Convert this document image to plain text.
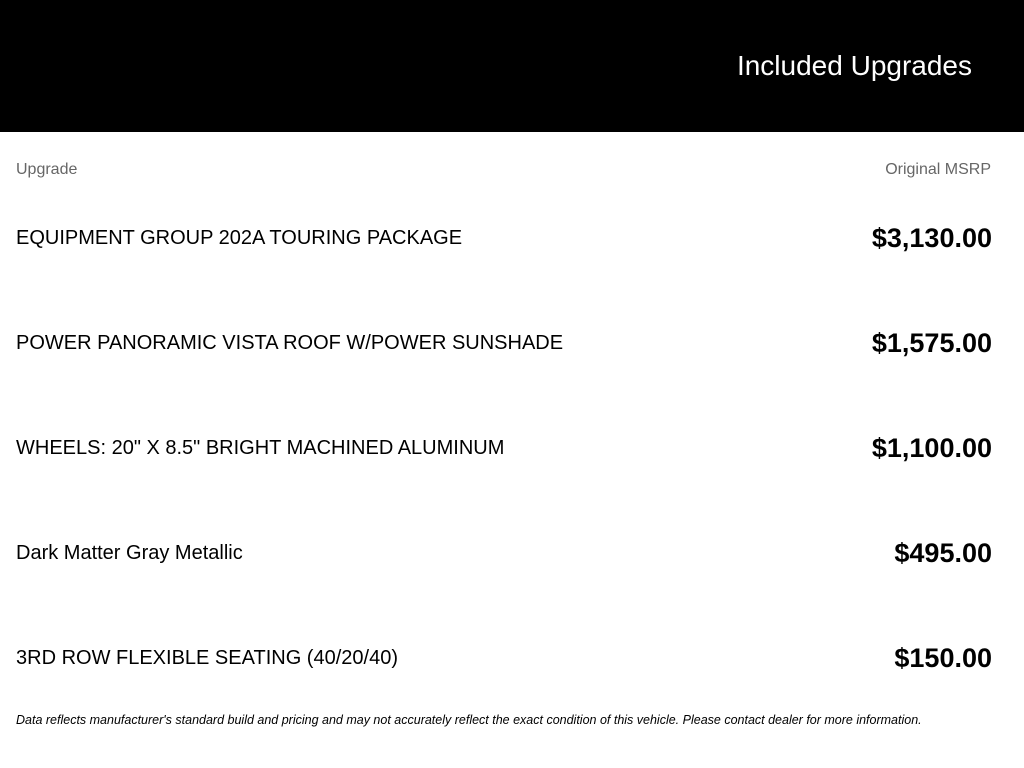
Included Upgrades
Upgrade	Original MSRP
EQUIPMENT GROUP 202A TOURING PACKAGE	$3,130.00
POWER PANORAMIC VISTA ROOF W/POWER SUNSHADE	$1,575.00
WHEELS: 20" X 8.5" BRIGHT MACHINED ALUMINUM	$1,100.00
Dark Matter Gray Metallic	$495.00
3RD ROW FLEXIBLE SEATING (40/20/40)	$150.00
Data reflects manufacturer's standard build and pricing and may not accurately reflect the exact condition of this vehicle. Please contact dealer for more information.
